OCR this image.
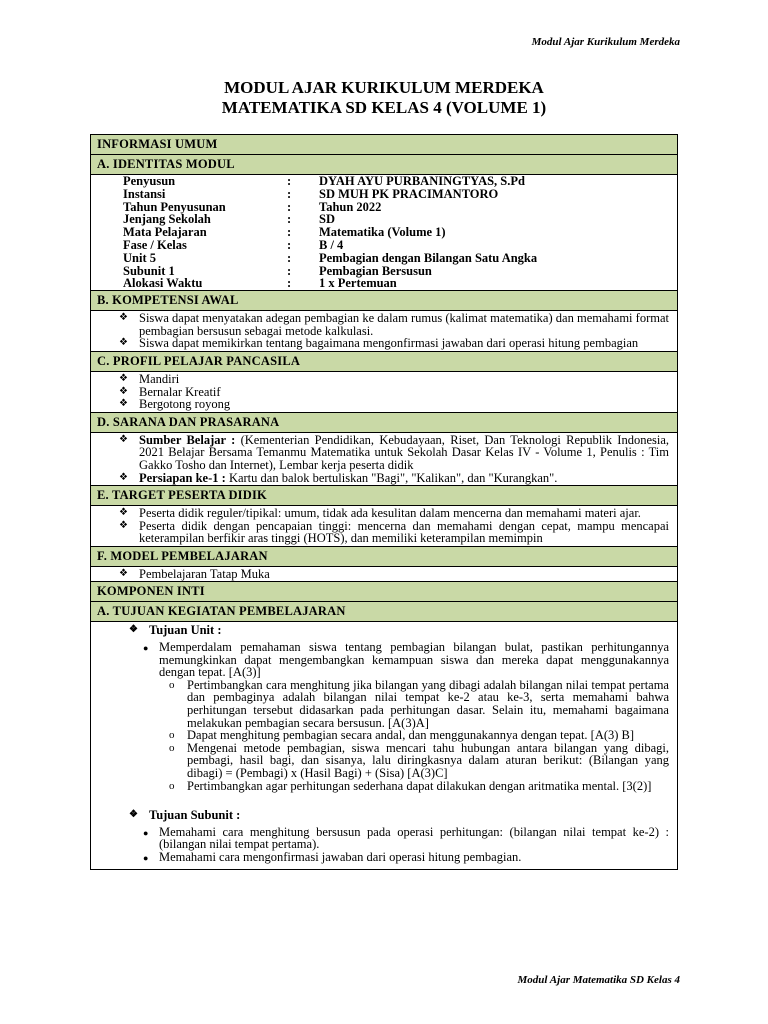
Modul Ajar Kurikulum Merdeka
MODUL AJAR KURIKULUM MERDEKA
MATEMATIKA SD KELAS 4 (VOLUME 1)
INFORMASI UMUM
A. IDENTITAS MODUL
Penyusun	:	DYAH AYU PURBANINGTYAS, S.Pd
Instansi	:	SD MUH PK PRACIMANTORO
Tahun Penyusunan	:	Tahun 2022
Jenjang Sekolah	:	SD
Mata Pelajaran	:	Matematika (Volume 1)
Fase / Kelas	:	B / 4
Unit 5	:	Pembagian dengan Bilangan Satu Angka
Subunit 1	:	Pembagian Bersusun
Alokasi Waktu	:	1 x Pertemuan
B. KOMPETENSI AWAL
❖ Siswa dapat menyatakan adegan pembagian ke dalam rumus (kalimat matematika) dan memahami format pembagian bersusun sebagai metode kalkulasi.
❖ Siswa dapat memikirkan tentang bagaimana mengonfirmasi jawaban dari operasi hitung pembagian
C. PROFIL PELAJAR PANCASILA
❖ Mandiri
❖ Bernalar Kreatif
❖ Bergotong royong
D. SARANA DAN PRASARANA
❖ Sumber Belajar : (Kementerian Pendidikan, Kebudayaan, Riset, Dan Teknologi Republik Indonesia, 2021 Belajar Bersama Temanmu Matematika untuk Sekolah Dasar Kelas IV - Volume 1, Penulis : Tim Gakko Tosho dan Internet), Lembar kerja peserta didik
❖ Persiapan ke-1 : Kartu dan balok bertuliskan "Bagi", "Kalikan", dan "Kurangkan".
E. TARGET PESERTA DIDIK
❖ Peserta didik reguler/tipikal: umum, tidak ada kesulitan dalam mencerna dan memahami materi ajar.
❖ Peserta didik dengan pencapaian tinggi: mencerna dan memahami dengan cepat, mampu mencapai keterampilan berfikir aras tinggi (HOTS), dan memiliki keterampilan memimpin
F. MODEL PEMBELAJARAN
❖ Pembelajaran Tatap Muka
KOMPONEN INTI
A. TUJUAN KEGIATAN PEMBELAJARAN
❖ Tujuan Unit :
● Memperdalam pemahaman siswa tentang pembagian bilangan bulat, pastikan perhitungannya memungkinkan dapat mengembangkan kemampuan siswa dan mereka dapat menggunakannya dengan tepat. [A(3)]
o	Pertimbangkan cara menghitung jika bilangan yang dibagi adalah bilangan nilai tempat pertama dan pembaginya adalah bilangan nilai tempat ke-2 atau ke-3, serta memahami bahwa perhitungan tersebut didasarkan pada perhitungan dasar. Selain itu, memahami bagaimana melakukan pembagian secara bersusun. [A(3)A]
o	Dapat menghitung pembagian secara andal, dan menggunakannya dengan tepat. [A(3) B]
o	Mengenai metode pembagian, siswa mencari tahu hubungan antara bilangan yang dibagi, pembagi, hasil bagi, dan sisanya, lalu diringkasnya dalam aturan berikut: (Bilangan yang dibagi) = (Pembagi) x (Hasil Bagi) + (Sisa) [A(3)C]
o	Pertimbangkan agar perhitungan sederhana dapat dilakukan dengan aritmatika mental. [3(2)]
❖ Tujuan Subunit :
● Memahami cara menghitung bersusun pada operasi perhitungan: (bilangan nilai tempat ke-2) : (bilangan nilai tempat pertama).
● Memahami cara mengonfirmasi jawaban dari operasi hitung pembagian.
Modul Ajar Matematika SD Kelas 4
